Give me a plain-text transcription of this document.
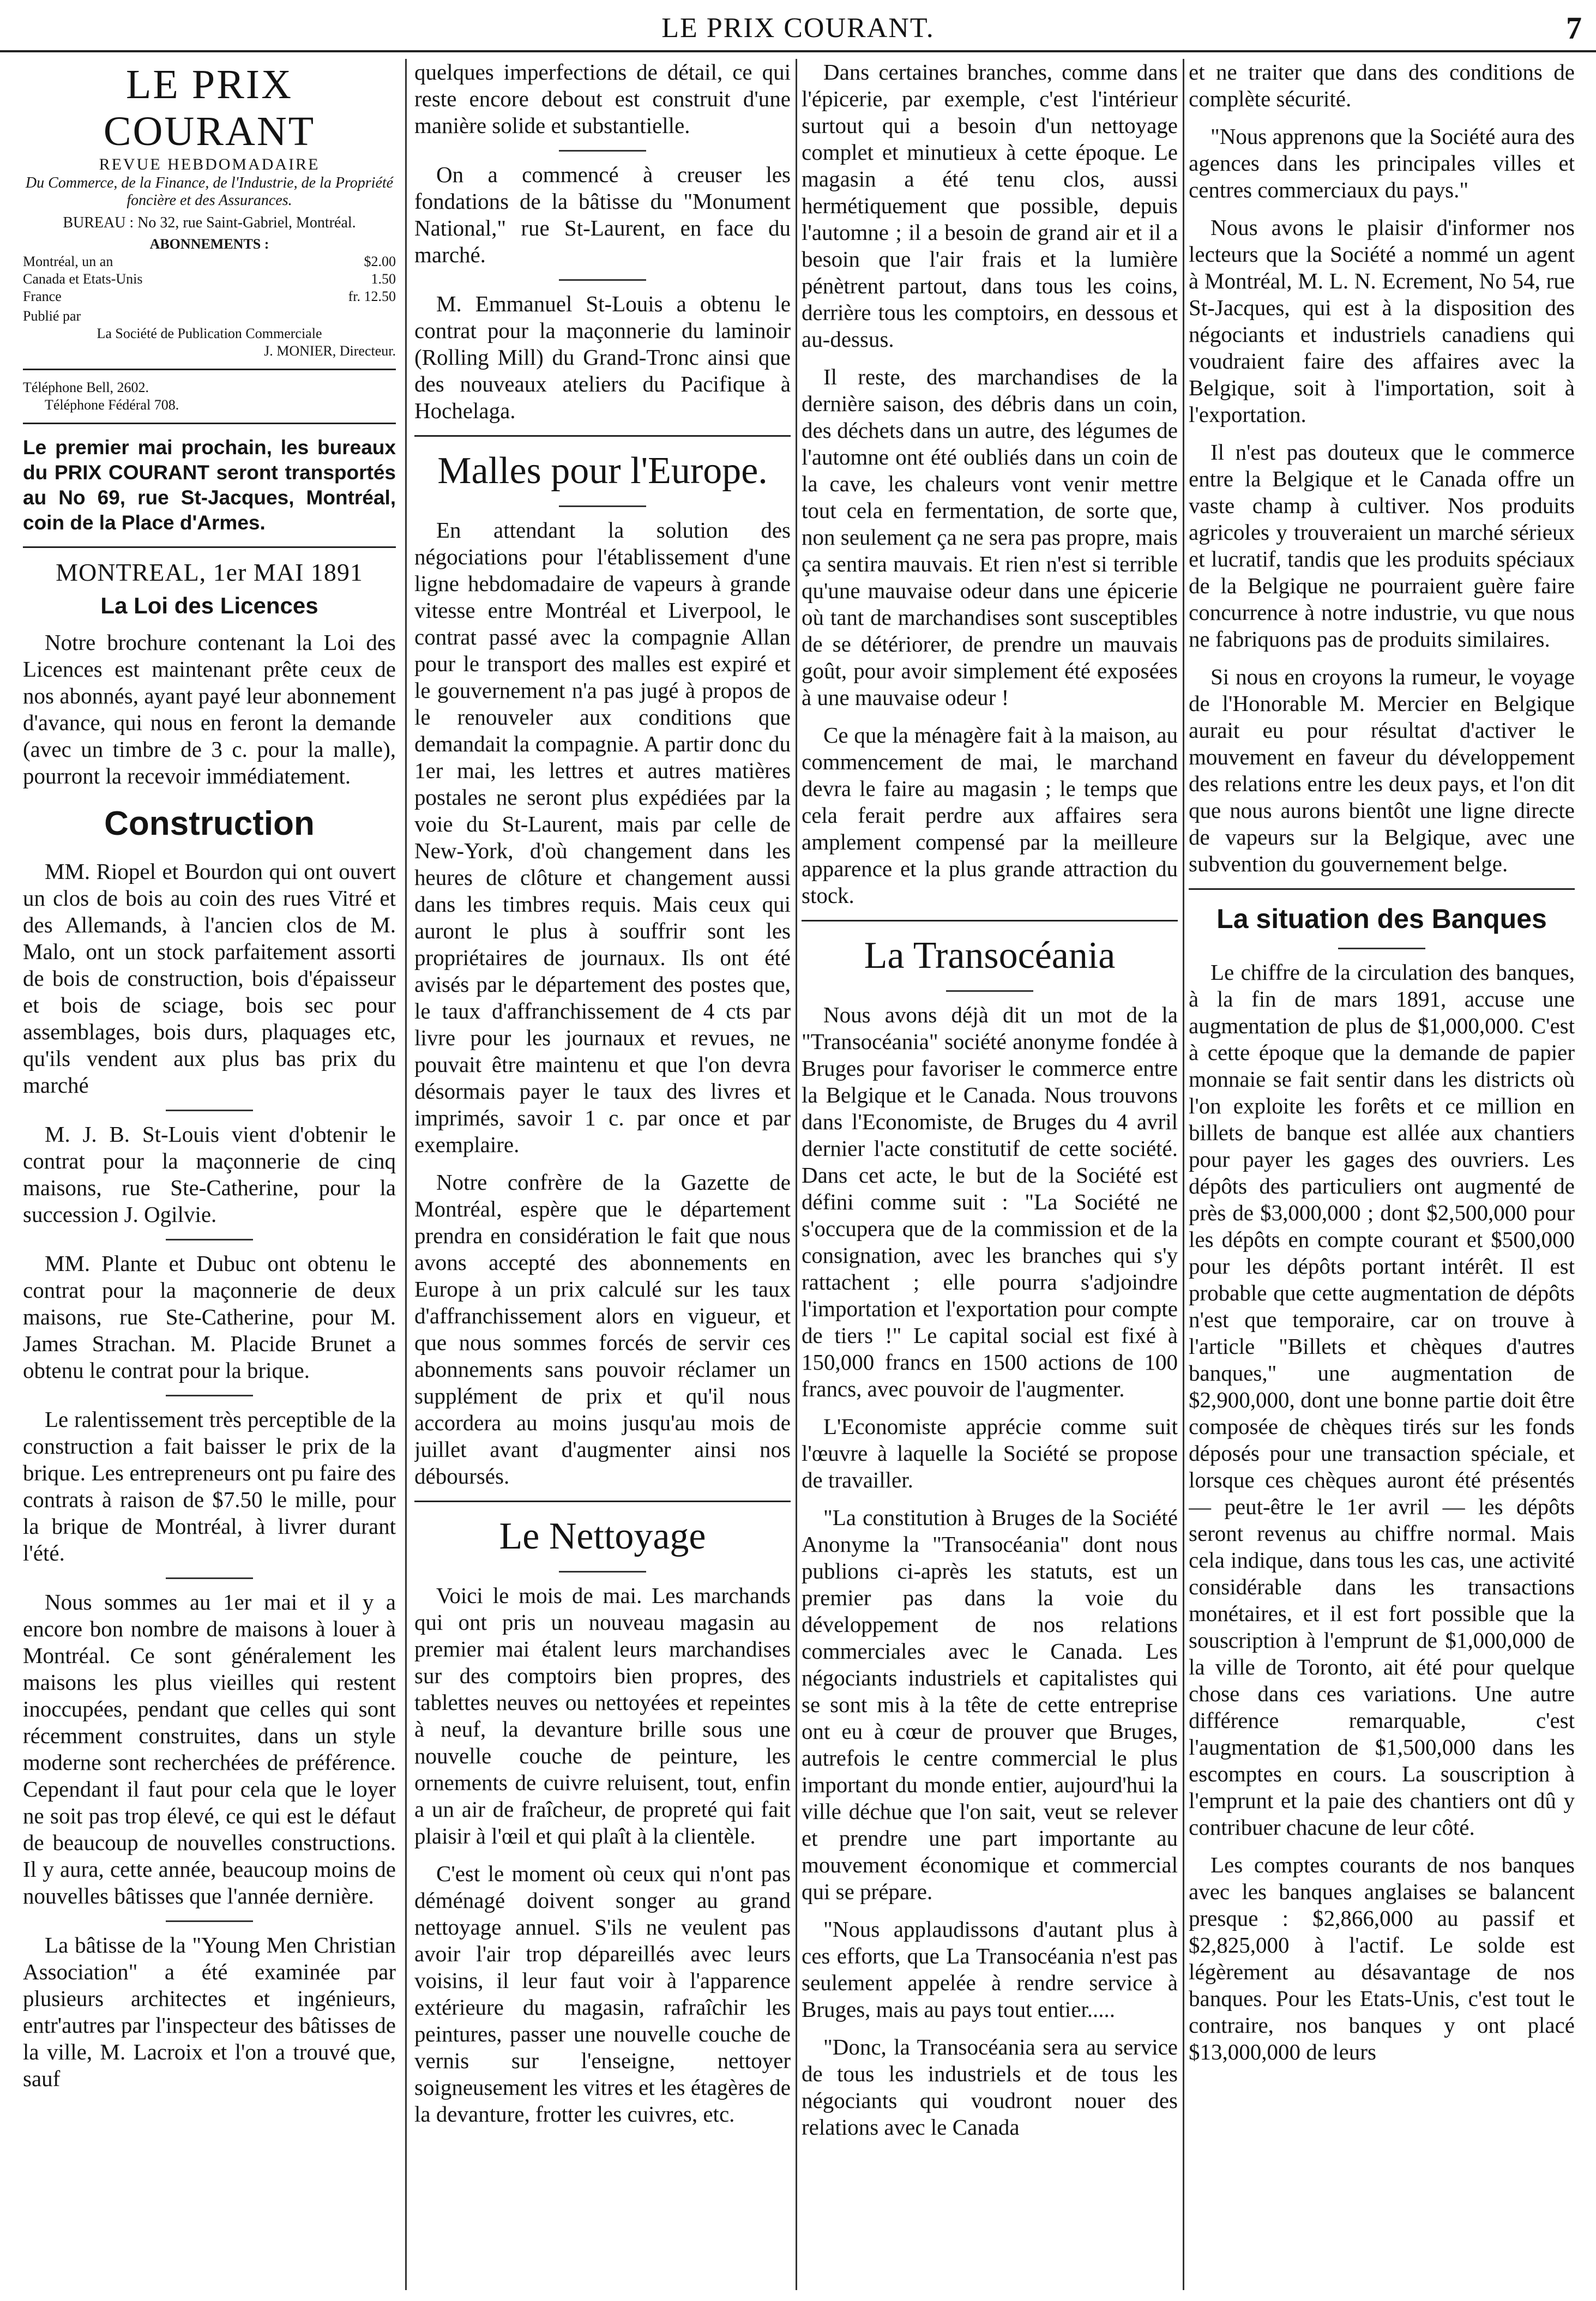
LE PRIX COURANT.	7
LE PRIX COURANT
REVUE HEBDOMADAIRE
Du Commerce, de la Finance, de l'Industrie, de la Propriété foncière et des Assurances.
BUREAU : No 32, rue Saint-Gabriel, Montréal.
ABONNEMENTS :
Montréal, un an	$2.00
Canada et Etats-Unis	1.50
France	fr. 12.50
Publié par
La Société de Publication Commerciale
J. MONIER, Directeur.
Téléphone Bell, 2602.
Téléphone Fédéral 708.
Le premier mai prochain, les bureaux du PRIX COURANT seront transportés au No 69, rue St-Jacques, Montréal, coin de la Place d'Armes.
MONTREAL, 1er MAI 1891
La Loi des Licences

Notre brochure contenant la Loi des Licences est maintenant prête ceux de nos abonnés, ayant payé leur abonnement d'avance, qui nous en feront la demande (avec un timbre de 3 c. pour la malle), pourront la recevoir immédiatement.

Construction

MM. Riopel et Bourdon qui ont ouvert un clos de bois au coin des rues Vitré et des Allemands, à l'ancien clos de M. Malo, ont un stock parfaitement assorti de bois de construction, bois d'épaisseur et bois de sciage, bois sec pour assemblages, bois durs, plaquages etc, qu'ils vendent aux plus bas prix du marché

M. J. B. St-Louis vient d'obtenir le contrat pour la maçonnerie de cinq maisons, rue Ste-Catherine, pour la succession J. Ogilvie.

MM. Plante et Dubuc ont obtenu le contrat pour la maçonnerie de deux maisons, rue Ste-Catherine, pour M. James Strachan. M. Placide Brunet a obtenu le contrat pour la brique.

Le ralentissement très perceptible de la construction a fait baisser le prix de la brique. Les entrepreneurs ont pu faire des contrats à raison de $7.50 le mille, pour la brique de Montréal, à livrer durant l'été.

Nous sommes au 1er mai et il y a encore bon nombre de maisons à louer à Montréal. Ce sont généralement les maisons les plus vieilles qui restent inoccupées, pendant que celles qui sont récemment construites, dans un style moderne sont recherchées de préférence. Cependant il faut pour cela que le loyer ne soit pas trop élevé, ce qui est le défaut de beaucoup de nouvelles constructions. Il y aura, cette année, beaucoup moins de nouvelles bâtisses que l'année dernière.

La bâtisse de la "Young Men Christian Association" a été examinée par plusieurs architectes et ingénieurs, entr'autres par l'inspecteur des bâtisses de la ville, M. Lacroix et l'on a trouvé que, sauf

quelques imperfections de détail, ce qui reste encore debout est construit d'une manière solide et substantielle.

On a commencé à creuser les fondations de la bâtisse du "Monument National," rue St-Laurent, en face du marché.

M. Emmanuel St-Louis a obtenu le contrat pour la maçonnerie du laminoir (Rolling Mill) du Grand-Tronc ainsi que des nouveaux ateliers du Pacifique à Hochelaga.

Malles pour l'Europe.

En attendant la solution des négociations pour l'établissement d'une ligne hebdomadaire de vapeurs à grande vitesse entre Montréal et Liverpool, le contrat passé avec la compagnie Allan pour le transport des malles est expiré et le gouvernement n'a pas jugé à propos de le renouveler aux conditions que demandait la compagnie. A partir donc du 1er mai, les lettres et autres matières postales ne seront plus expédiées par la voie du St-Laurent, mais par celle de New-York, d'où changement dans les heures de clôture et changement aussi dans les timbres requis. Mais ceux qui auront le plus à souffrir sont les propriétaires de journaux. Ils ont été avisés par le département des postes que, le taux d'affranchissement de 4 cts par livre pour les journaux et revues, ne pouvait être maintenu et que l'on devra désormais payer le taux des livres et imprimés, savoir 1 c. par once et par exemplaire.

Notre confrère de la Gazette de Montréal, espère que le département prendra en considération le fait que nous avons accepté des abonnements en Europe à un prix calculé sur les taux d'affranchissement alors en vigueur, et que nous sommes forcés de servir ces abonnements sans pouvoir réclamer un supplément de prix et qu'il nous accordera au moins jusqu'au mois de juillet avant d'augmenter ainsi nos déboursés.

Le Nettoyage

Voici le mois de mai. Les marchands qui ont pris un nouveau magasin au premier mai étalent leurs marchandises sur des comptoirs bien propres, des tablettes neuves ou nettoyées et repeintes à neuf, la devanture brille sous une nouvelle couche de peinture, les ornements de cuivre reluisent, tout, enfin a un air de fraîcheur, de propreté qui fait plaisir à l'œil et qui plaît à la clientèle.

C'est le moment où ceux qui n'ont pas déménagé doivent songer au grand nettoyage annuel. S'ils ne veulent pas avoir l'air trop dépareillés avec leurs voisins, il leur faut voir à l'apparence extérieure du magasin, rafraîchir les peintures, passer une nouvelle couche de vernis sur l'enseigne, nettoyer soigneusement les vitres et les étagères de la devanture, frotter les cuivres, etc.

Dans certaines branches, comme dans l'épicerie, par exemple, c'est l'intérieur surtout qui a besoin d'un nettoyage complet et minutieux à cette époque. Le magasin a été tenu clos, aussi hermétiquement que possible, depuis l'automne ; il a besoin de grand air et il a besoin que l'air frais et la lumière pénètrent partout, dans tous les coins, derrière tous les comptoirs, en dessous et au-dessus.

Il reste, des marchandises de la dernière saison, des débris dans un coin, des déchets dans un autre, des légumes de l'automne ont été oubliés dans un coin de la cave, les chaleurs vont venir mettre tout cela en fermentation, de sorte que, non seulement ça ne sera pas propre, mais ça sentira mauvais. Et rien n'est si terrible qu'une mauvaise odeur dans une épicerie où tant de marchandises sont susceptibles de se détériorer, de prendre un mauvais goût, pour avoir simplement été exposées à une mauvaise odeur !

Ce que la ménagère fait à la maison, au commencement de mai, le marchand devra le faire au magasin ; le temps que cela ferait perdre aux affaires sera amplement compensé par la meilleure apparence et la plus grande attraction du stock.

La Transocéania

Nous avons déjà dit un mot de la "Transocéania" société anonyme fondée à Bruges pour favoriser le commerce entre la Belgique et le Canada. Nous trouvons dans l'Economiste, de Bruges du 4 avril dernier l'acte constitutif de cette société. Dans cet acte, le but de la Société est défini comme suit : "La Société ne s'occupera que de la commission et de la consignation, avec les branches qui s'y rattachent ; elle pourra s'adjoindre l'importation et l'exportation pour compte de tiers !" Le capital social est fixé à 150,000 francs en 1500 actions de 100 francs, avec pouvoir de l'augmenter.

L'Economiste apprécie comme suit l'œuvre à laquelle la Société se propose de travailler.

"La constitution à Bruges de la Société Anonyme la "Transocéania" dont nous publions ci-après les statuts, est un premier pas dans la voie du développement de nos relations commerciales avec le Canada. Les négociants industriels et capitalistes qui se sont mis à la tête de cette entreprise ont eu à cœur de prouver que Bruges, autrefois le centre commercial le plus important du monde entier, aujourd'hui la ville déchue que l'on sait, veut se relever et prendre une part importante au mouvement économique et commercial qui se prépare.

"Nous applaudissons d'autant plus à ces efforts, que La Transocéania n'est pas seulement appelée à rendre service à Bruges, mais au pays tout entier.....

"Donc, la Transocéania sera au service de tous les industriels et de tous les négociants qui voudront nouer des relations avec le Canada

et ne traiter que dans des conditions de complète sécurité.

"Nous apprenons que la Société aura des agences dans les principales villes et centres commerciaux du pays."

Nous avons le plaisir d'informer nos lecteurs que la Société a nommé un agent à Montréal, M. L. N. Ecrement, No 54, rue St-Jacques, qui est à la disposition des négociants et industriels canadiens qui voudraient faire des affaires avec la Belgique, soit à l'importation, soit à l'exportation.

Il n'est pas douteux que le commerce entre la Belgique et le Canada offre un vaste champ à cultiver. Nos produits agricoles y trouveraient un marché sérieux et lucratif, tandis que les produits spéciaux de la Belgique ne pourraient guère faire concurrence à notre industrie, vu que nous ne fabriquons pas de produits similaires.

Si nous en croyons la rumeur, le voyage de l'Honorable M. Mercier en Belgique aurait eu pour résultat d'activer le mouvement en faveur du développement des relations entre les deux pays, et l'on dit que nous aurons bientôt une ligne directe de vapeurs sur la Belgique, avec une subvention du gouvernement belge.

La situation des Banques

Le chiffre de la circulation des banques, à la fin de mars 1891, accuse une augmentation de plus de $1,000,000. C'est à cette époque que la demande de papier monnaie se fait sentir dans les districts où l'on exploite les forêts et ce million en billets de banque est allée aux chantiers pour payer les gages des ouvriers. Les dépôts des particuliers ont augmenté de près de $3,000,000 ; dont $2,500,000 pour les dépôts en compte courant et $500,000 pour les dépôts portant intérêt. Il est probable que cette augmentation de dépôts n'est que temporaire, car on trouve à l'article "Billets et chèques d'autres banques," une augmentation de $2,900,000, dont une bonne partie doit être composée de chèques tirés sur les fonds déposés pour une transaction spéciale, et lorsque ces chèques auront été présentés — peut-être le 1er avril — les dépôts seront revenus au chiffre normal. Mais cela indique, dans tous les cas, une activité considérable dans les transactions monétaires, et il est fort possible que la souscription à l'emprunt de $1,000,000 de la ville de Toronto, ait été pour quelque chose dans ces variations. Une autre différence remarquable, c'est l'augmentation de $1,500,000 dans les escomptes en cours. La souscription à l'emprunt et la paie des chantiers ont dû y contribuer chacune de leur côté.

Les comptes courants de nos banques avec les banques anglaises se balancent presque : $2,866,000 au passif et $2,825,000 à l'actif. Le solde est légèrement au désavantage de nos banques. Pour les Etats-Unis, c'est tout le contraire, nos banques y ont placé $13,000,000 de leurs
